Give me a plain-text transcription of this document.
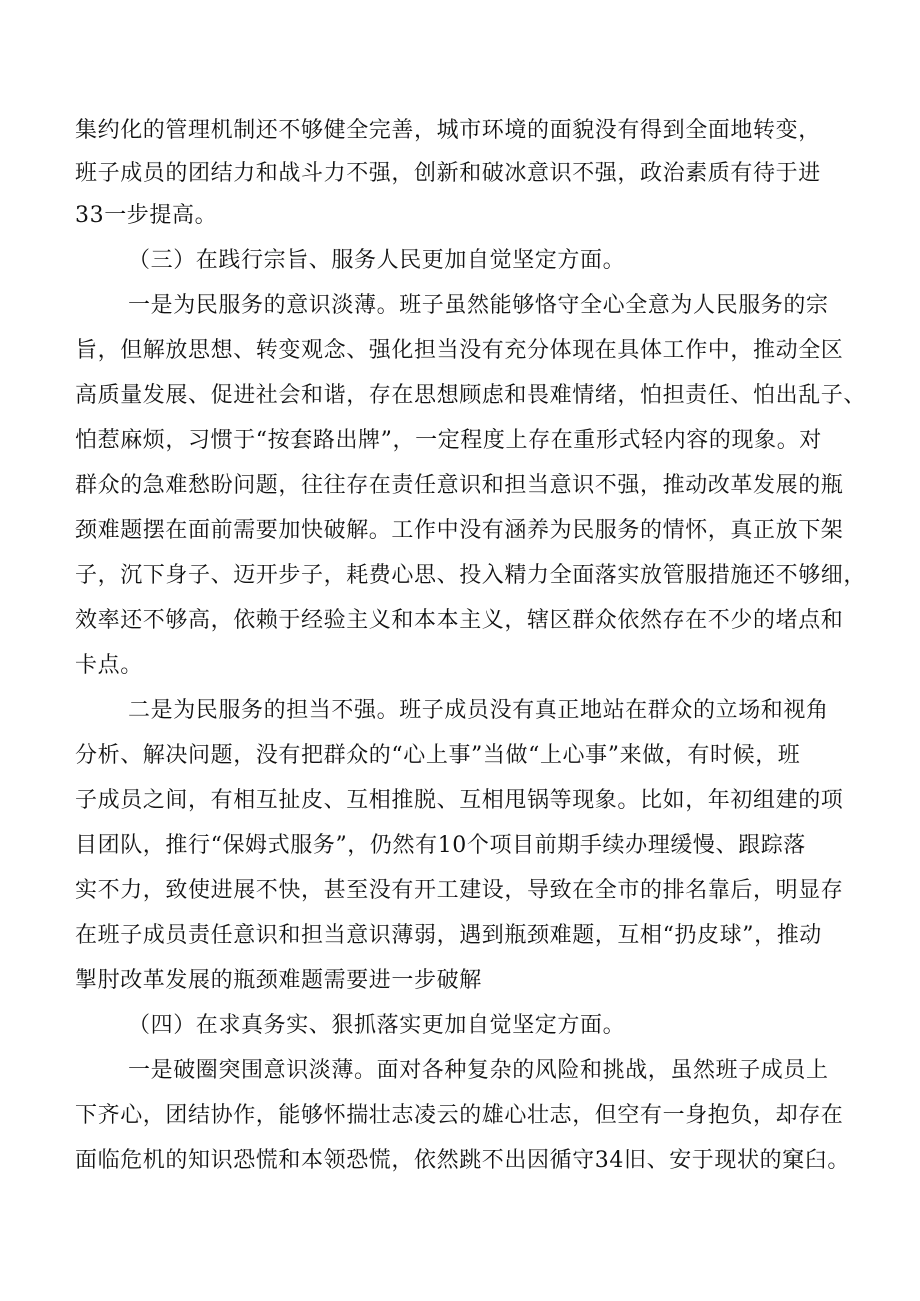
集约化的管理机制还不够健全完善，城市环境的面貌没有得到全面地转变，
班子成员的团结力和战斗力不强，创新和破冰意识不强，政治素质有待于进
33一步提高。
（三）在践行宗旨、服务人民更加自觉坚定方面。
一是为民服务的意识淡薄。班子虽然能够恪守全心全意为人民服务的宗
旨，但解放思想、转变观念、强化担当没有充分体现在具体工作中，推动全区
高质量发展、促进社会和谐，存在思想顾虑和畏难情绪，怕担责任、怕出乱子、
怕惹麻烦，习惯于“按套路出牌”，一定程度上存在重形式轻内容的现象。对
群众的急难愁盼问题，往往存在责任意识和担当意识不强，推动改革发展的瓶
颈难题摆在面前需要加快破解。工作中没有涵养为民服务的情怀，真正放下架
子，沉下身子、迈开步子，耗费心思、投入精力全面落实放管服措施还不够细，
效率还不够高，依赖于经验主义和本本主义，辖区群众依然存在不少的堵点和
卡点。
二是为民服务的担当不强。班子成员没有真正地站在群众的立场和视角
分析、解决问题，没有把群众的“心上事”当做“上心事”来做，有时候，班
子成员之间，有相互扯皮、互相推脱、互相甩锅等现象。比如，年初组建的项
目团队，推行“保姆式服务”，仍然有10个项目前期手续办理缓慢、跟踪落
实不力，致使进展不快，甚至没有开工建设，导致在全市的排名靠后，明显存
在班子成员责任意识和担当意识薄弱，遇到瓶颈难题，互相“扔皮球”，推动
掣肘改革发展的瓶颈难题需要进一步破解
（四）在求真务实、狠抓落实更加自觉坚定方面。
一是破圈突围意识淡薄。面对各种复杂的风险和挑战，虽然班子成员上
下齐心，团结协作，能够怀揣壮志凌云的雄心壮志，但空有一身抱负，却存在
面临危机的知识恐慌和本领恐慌，依然跳不出因循守34旧、安于现状的窠臼。
